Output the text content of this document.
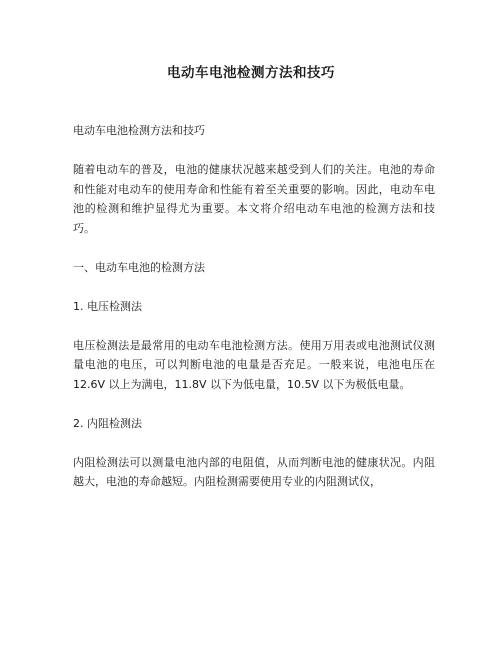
电动车电池检测方法和技巧

电动车电池检测方法和技巧

随着电动车的普及，电池的健康状况越来越受到人们的关注。电池的寿命和性能对电动车的使用寿命和性能有着至关重要的影响。因此，电动车电池的检测和维护显得尤为重要。本文将介绍电动车电池的检测方法和技巧。

一、电动车电池的检测方法

1. 电压检测法

电压检测法是最常用的电动车电池检测方法。使用万用表或电池测试仪测量电池的电压，可以判断电池的电量是否充足。一般来说，电池电压在 12.6V 以上为满电，11.8V 以下为低电量，10.5V 以下为极低电量。

2. 内阻检测法

内阻检测法可以测量电池内部的电阻值，从而判断电池的健康状况。内阻越大，电池的寿命越短。内阻检测需要使用专业的内阻测试仪，
